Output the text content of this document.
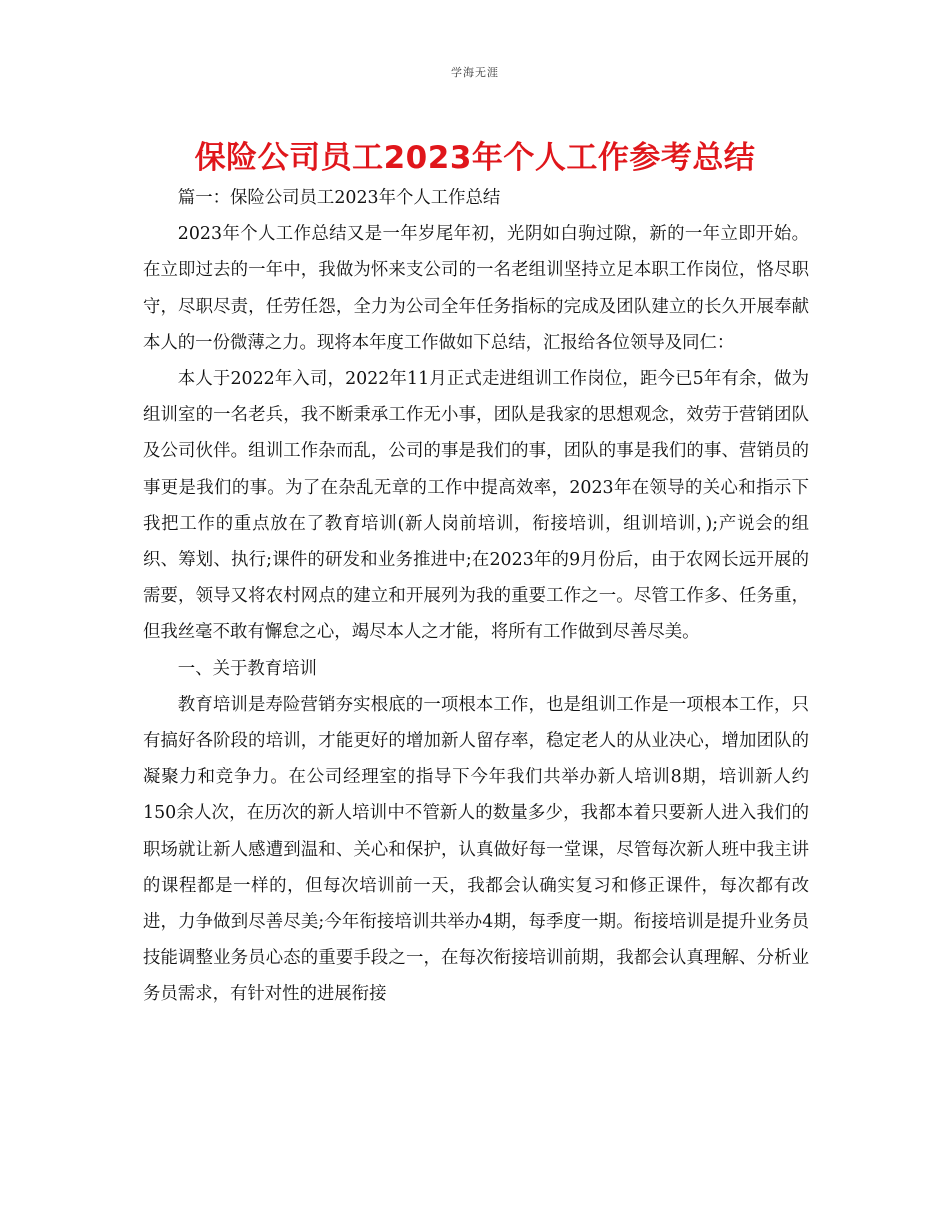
学海无涯
保险公司员工2023年个人工作参考总结

篇一：保险公司员工2023年个人工作总结

2023年个人工作总结又是一年岁尾年初，光阴如白驹过隙，新的一年立即开始。在立即过去的一年中，我做为怀来支公司的一名老组训坚持立足本职工作岗位，恪尽职守，尽职尽责，任劳任怨，全力为公司全年任务指标的完成及团队建立的长久开展奉献本人的一份微薄之力。现将本年度工作做如下总结，汇报给各位领导及同仁：

本人于2022年入司，2022年11月正式走进组训工作岗位，距今已5年有余，做为组训室的一名老兵，我不断秉承工作无小事，团队是我家的思想观念，效劳于营销团队及公司伙伴。组训工作杂而乱，公司的事是我们的事，团队的事是我们的事、营销员的事更是我们的事。为了在杂乱无章的工作中提高效率，2023年在领导的关心和指示下我把工作的重点放在了教育培训(新人岗前培训，衔接培训，组训培训，);产说会的组织、筹划、执行;课件的研发和业务推进中;在2023年的9月份后，由于农网长远开展的需要，领导又将农村网点的建立和开展列为我的重要工作之一。尽管工作多、任务重，但我丝毫不敢有懈怠之心，竭尽本人之才能，将所有工作做到尽善尽美。

一、关于教育培训

教育培训是寿险营销夯实根底的一项根本工作，也是组训工作是一项根本工作，只有搞好各阶段的培训，才能更好的增加新人留存率，稳定老人的从业决心，增加团队的凝聚力和竞争力。在公司经理室的指导下今年我们共举办新人培训8期，培训新人约150余人次，在历次的新人培训中不管新人的数量多少，我都本着只要新人进入我们的职场就让新人感遭到温和、关心和保护，认真做好每一堂课，尽管每次新人班中我主讲的课程都是一样的，但每次培训前一天，我都会认确实复习和修正课件，每次都有改进，力争做到尽善尽美;今年衔接培训共举办4期，每季度一期。衔接培训是提升业务员技能调整业务员心态的重要手段之一，在每次衔接培训前期，我都会认真理解、分析业务员需求，有针对性的进展衔接
